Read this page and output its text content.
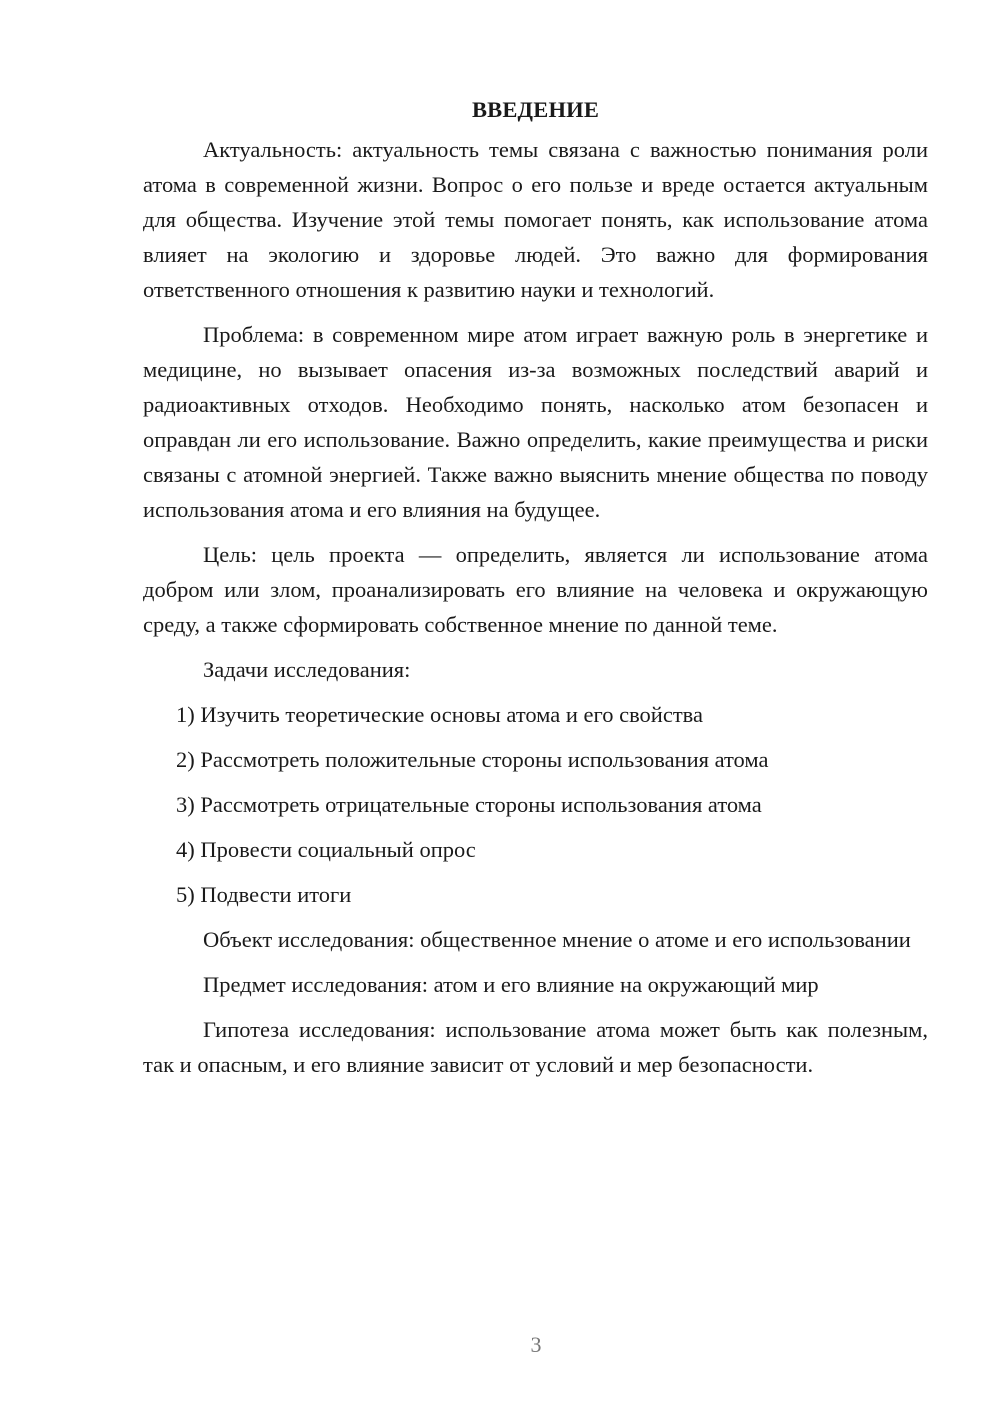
ВВЕДЕНИЕ

Актуальность: актуальность темы связана с важностью понимания роли атома в современной жизни. Вопрос о его пользе и вреде остается актуальным для общества. Изучение этой темы помогает понять, как использование атома влияет на экологию и здоровье людей. Это важно для формирования ответственного отношения к развитию науки и технологий.

Проблема: в современном мире атом играет важную роль в энергетике и медицине, но вызывает опасения из-за возможных последствий аварий и радиоактивных отходов. Необходимо понять, насколько атом безопасен и оправдан ли его использование. Важно определить, какие преимущества и риски связаны с атомной энергией. Также важно выяснить мнение общества по поводу использования атома и его влияния на будущее.

Цель: цель проекта — определить, является ли использование атома добром или злом, проанализировать его влияние на человека и окружающую среду, а также сформировать собственное мнение по данной теме.

Задачи исследования:

1) Изучить теоретические основы атома и его свойства
2) Рассмотреть положительные стороны использования атома
3) Рассмотреть отрицательные стороны использования атома
4) Провести социальный опрос
5) Подвести итоги

Объект исследования: общественное мнение о атоме и его использовании

Предмет исследования: атом и его влияние на окружающий мир

Гипотеза исследования: использование атома может быть как полезным, так и опасным, и его влияние зависит от условий и мер безопасности.

3
